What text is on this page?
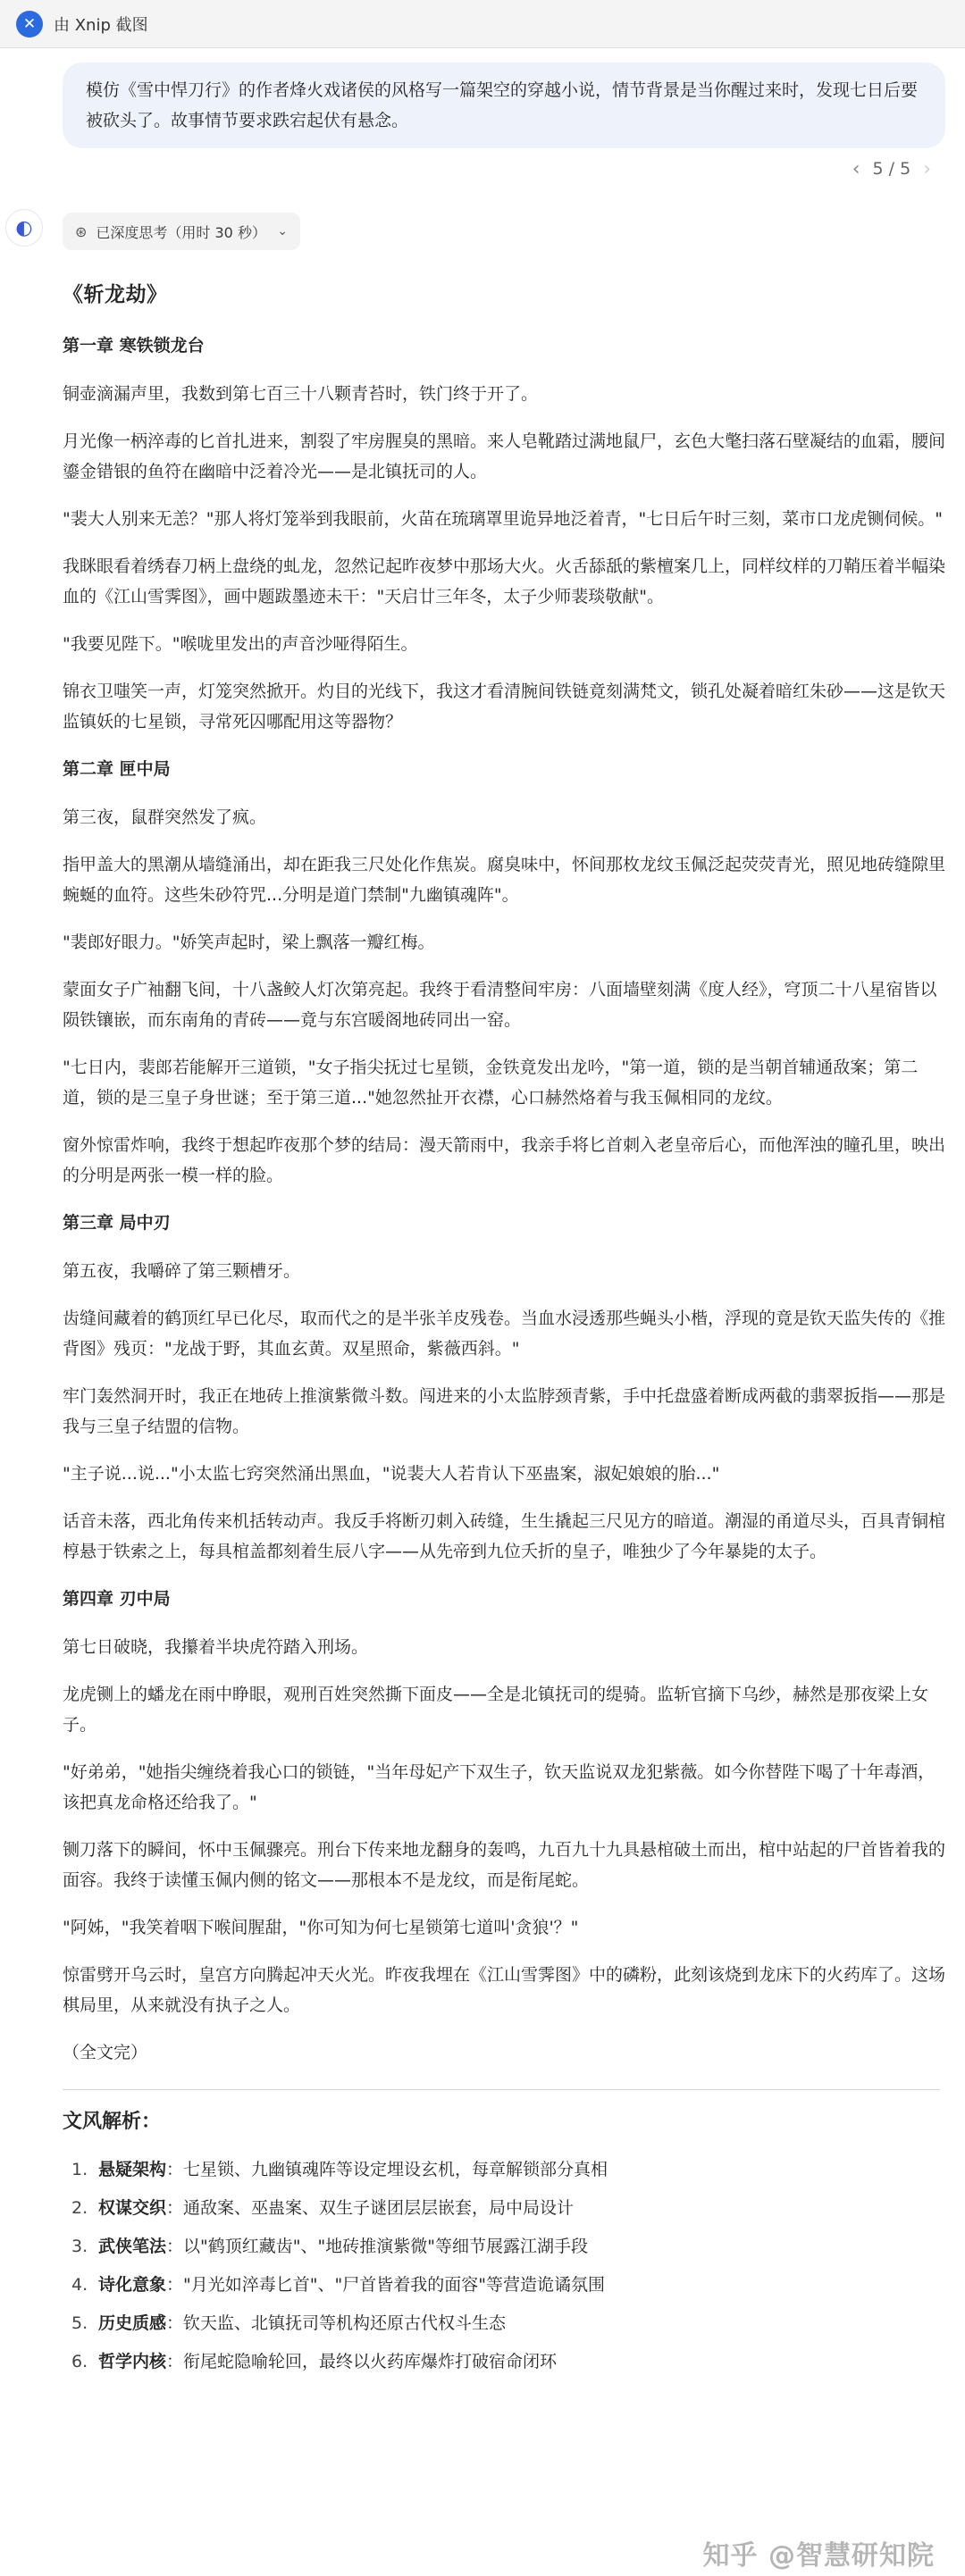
✕	由 Xnip 截图
模仿《雪中悍刀行》的作者烽火戏诸侯的风格写一篇架空的穿越小说，情节背景是当你醒过来时，发现七日后要被砍头了。故事情节要求跌宕起伏有悬念。
‹ 5 / 5 ›
◐	⊛ 已深度思考（用时 30 秒） ⌄
《斩龙劫》
第一章 寒铁锁龙台

铜壶滴漏声里，我数到第七百三十八颗青苔时，铁门终于开了。

月光像一柄淬毒的匕首扎进来，割裂了牢房腥臭的黑暗。来人皂靴踏过满地鼠尸，玄色大氅扫落石壁凝结的血霜，腰间鎏金错银的鱼符在幽暗中泛着冷光——是北镇抚司的人。

"裴大人别来无恙？"那人将灯笼举到我眼前，火苗在琉璃罩里诡异地泛着青，"七日后午时三刻，菜市口龙虎铡伺候。"

我眯眼看着绣春刀柄上盘绕的虬龙，忽然记起昨夜梦中那场大火。火舌舔舐的紫檀案几上，同样纹样的刀鞘压着半幅染血的《江山雪霁图》，画中题跋墨迹未干："天启廿三年冬，太子少师裴琰敬献"。

"我要见陛下。"喉咙里发出的声音沙哑得陌生。

锦衣卫嗤笑一声，灯笼突然掀开。灼目的光线下，我这才看清腕间铁链竟刻满梵文，锁孔处凝着暗红朱砂——这是钦天监镇妖的七星锁，寻常死囚哪配用这等器物？

第二章 匣中局

第三夜，鼠群突然发了疯。

指甲盖大的黑潮从墙缝涌出，却在距我三尺处化作焦炭。腐臭味中，怀间那枚龙纹玉佩泛起荧荧青光，照见地砖缝隙里蜿蜒的血符。这些朱砂符咒...分明是道门禁制"九幽镇魂阵"。

"裴郎好眼力。"娇笑声起时，梁上飘落一瓣红梅。

蒙面女子广袖翻飞间，十八盏鲛人灯次第亮起。我终于看清整间牢房：八面墙壁刻满《度人经》，穹顶二十八星宿皆以陨铁镶嵌，而东南角的青砖——竟与东宫暖阁地砖同出一窑。

"七日内，裴郎若能解开三道锁，"女子指尖抚过七星锁，金铁竟发出龙吟，"第一道，锁的是当朝首辅通敌案；第二道，锁的是三皇子身世谜；至于第三道..."她忽然扯开衣襟，心口赫然烙着与我玉佩相同的龙纹。

窗外惊雷炸响，我终于想起昨夜那个梦的结局：漫天箭雨中，我亲手将匕首刺入老皇帝后心，而他浑浊的瞳孔里，映出的分明是两张一模一样的脸。

第三章 局中刃

第五夜，我嚼碎了第三颗槽牙。

齿缝间藏着的鹤顶红早已化尽，取而代之的是半张羊皮残卷。当血水浸透那些蝇头小楷，浮现的竟是钦天监失传的《推背图》残页："龙战于野，其血玄黄。双星照命，紫薇西斜。"

牢门轰然洞开时，我正在地砖上推演紫微斗数。闯进来的小太监脖颈青紫，手中托盘盛着断成两截的翡翠扳指——那是我与三皇子结盟的信物。

"主子说...说..."小太监七窍突然涌出黑血，"说裴大人若肯认下巫蛊案，淑妃娘娘的胎..."

话音未落，西北角传来机括转动声。我反手将断刃刺入砖缝，生生撬起三尺见方的暗道。潮湿的甬道尽头，百具青铜棺椁悬于铁索之上，每具棺盖都刻着生辰八字——从先帝到九位夭折的皇子，唯独少了今年暴毙的太子。

第四章 刃中局

第七日破晓，我攥着半块虎符踏入刑场。

龙虎铡上的蟠龙在雨中睁眼，观刑百姓突然撕下面皮——全是北镇抚司的缇骑。监斩官摘下乌纱，赫然是那夜梁上女子。

"好弟弟，"她指尖缠绕着我心口的锁链，"当年母妃产下双生子，钦天监说双龙犯紫薇。如今你替陛下喝了十年毒酒，该把真龙命格还给我了。"

铡刀落下的瞬间，怀中玉佩骤亮。刑台下传来地龙翻身的轰鸣，九百九十九具悬棺破土而出，棺中站起的尸首皆着我的面容。我终于读懂玉佩内侧的铭文——那根本不是龙纹，而是衔尾蛇。

"阿姊，"我笑着咽下喉间腥甜，"你可知为何七星锁第七道叫'贪狼'？"

惊雷劈开乌云时，皇宫方向腾起冲天火光。昨夜我埋在《江山雪霁图》中的磷粉，此刻该烧到龙床下的火药库了。这场棋局里，从来就没有执子之人。

（全文完）
文风解析：
1. 悬疑架构：七星锁、九幽镇魂阵等设定埋设玄机，每章解锁部分真相
2. 权谋交织：通敌案、巫蛊案、双生子谜团层层嵌套，局中局设计
3. 武侠笔法：以"鹤顶红藏齿"、"地砖推演紫微"等细节展露江湖手段
4. 诗化意象："月光如淬毒匕首"、"尸首皆着我的面容"等营造诡谲氛围
5. 历史质感：钦天监、北镇抚司等机构还原古代权斗生态
6. 哲学内核：衔尾蛇隐喻轮回，最终以火药库爆炸打破宿命闭环
知乎 @智慧研知院
